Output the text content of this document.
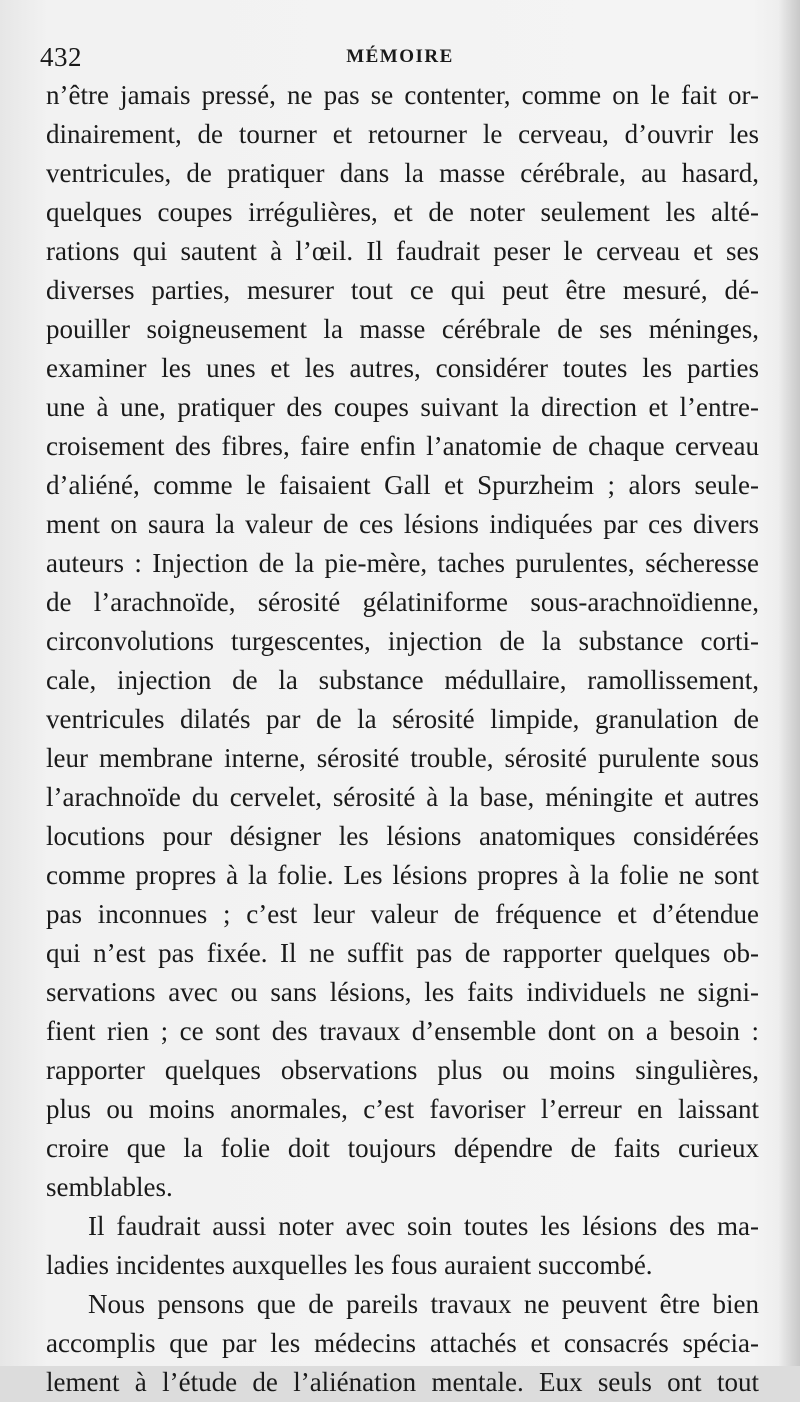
432	MÉMOIRE
n’être jamais pressé, ne pas se contenter, comme on le fait or-
dinairement, de tourner et retourner le cerveau, d’ouvrir les
ventricules, de pratiquer dans la masse cérébrale, au hasard,
quelques coupes irrégulières, et de noter seulement les alté-
rations qui sautent à l’œil. Il faudrait peser le cerveau et ses
diverses parties, mesurer tout ce qui peut être mesuré, dé-
pouiller soigneusement la masse cérébrale de ses méninges,
examiner les unes et les autres, considérer toutes les parties
une à une, pratiquer des coupes suivant la direction et l’entre-
croisement des fibres, faire enfin l’anatomie de chaque cerveau
d’aliéné, comme le faisaient Gall et Spurzheim ; alors seule-
ment on saura la valeur de ces lésions indiquées par ces divers
auteurs : Injection de la pie-mère, taches purulentes, sécheresse
de l’arachnoïde, sérosité gélatiniforme sous-arachnoïdienne,
circonvolutions turgescentes, injection de la substance corti-
cale, injection de la substance médullaire, ramollissement,
ventricules dilatés par de la sérosité limpide, granulation de
leur membrane interne, sérosité trouble, sérosité purulente sous
l’arachnoïde du cervelet, sérosité à la base, méningite et autres
locutions pour désigner les lésions anatomiques considérées
comme propres à la folie. Les lésions propres à la folie ne sont
pas inconnues ; c’est leur valeur de fréquence et d’étendue
qui n’est pas fixée. Il ne suffit pas de rapporter quelques ob-
servations avec ou sans lésions, les faits individuels ne signi-
fient rien ; ce sont des travaux d’ensemble dont on a besoin :
rapporter quelques observations plus ou moins singulières,
plus ou moins anormales, c’est favoriser l’erreur en laissant
croire que la folie doit toujours dépendre de faits curieux
semblables.
Il faudrait aussi noter avec soin toutes les lésions des ma-
ladies incidentes auxquelles les fous auraient succombé.
Nous pensons que de pareils travaux ne peuvent être bien
accomplis que par les médecins attachés et consacrés spécia-
lement à l’étude de l’aliénation mentale. Eux seuls ont tout
